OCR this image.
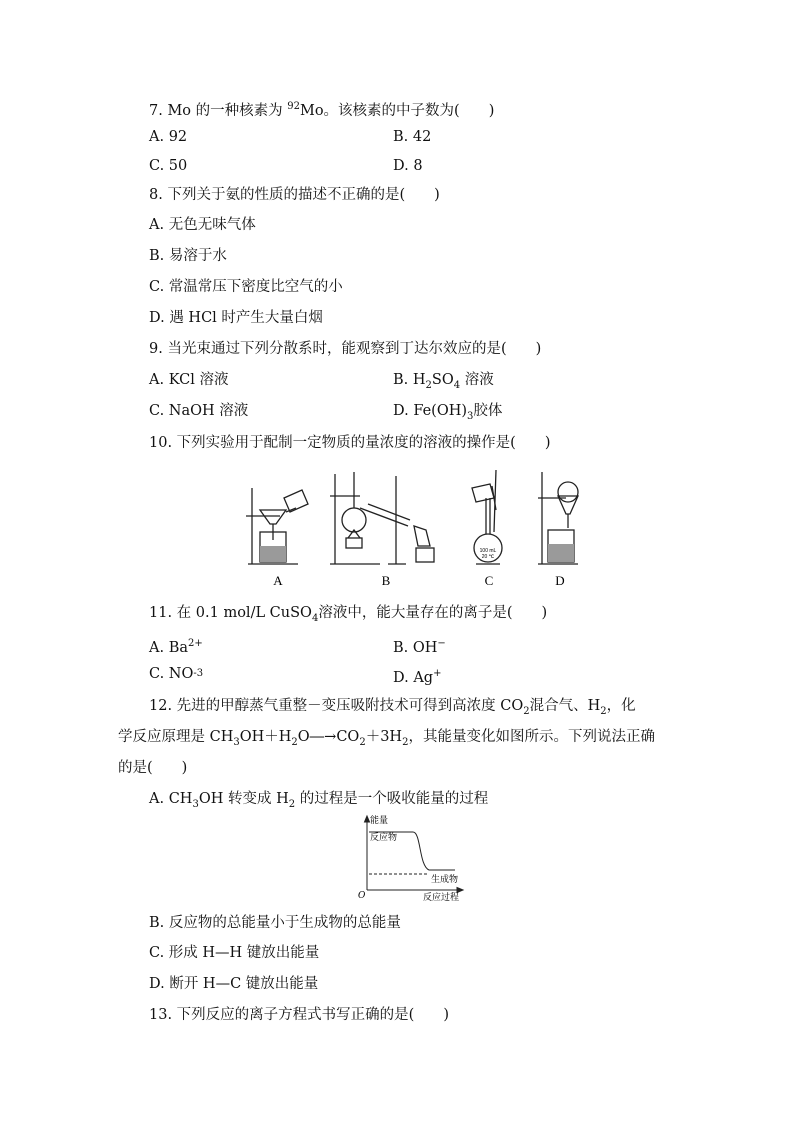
7. Mo 的一种核素为 $^{92}$Mo。该核素的中子数为(　　)
A. 92	B. 42
C. 50	D. 8
8. 下列关于氨的性质的描述不正确的是(　　)
A. 无色无味气体
B. 易溶于水
C. 常温常压下密度比空气的小
D. 遇 HCl 时产生大量白烟
9. 当光束通过下列分散系时，能观察到丁达尔效应的是(　　)
A. KCl 溶液	B. $H_2SO_4$ 溶液
C. NaOH 溶液	D. $Fe(OH)_3$胶体
10. 下列实验用于配制一定物质的量浓度的溶液的操作是(　　)
100 mL
20 ℃
A	B	C	D
11. 在 0.1 mol/L CuSO$_4$溶液中，能大量存在的离子是(　　)
A. $Ba^{2+}$	B. OH−
C. NO-3	D. Ag+
12. 先进的甲醇蒸气重整－变压吸附技术可得到高浓度 $CO_2$混合气、$H_2$，化
学反应原理是 $CH_3OH+H_2O―\to CO_2+3H_2$，其能量变化如图所示。下列说法正确
的是(　　)
A. $CH_3OH$ 转变成 $H_2$ 的过程是一个吸收能量的过程
能量
反应物
生成物
O	反应过程
B. 反应物的总能量小于生成物的总能量
C. 形成 H—H 键放出能量
D. 断开 H—C 键放出能量
13. 下列反应的离子方程式书写正确的是(　　)
